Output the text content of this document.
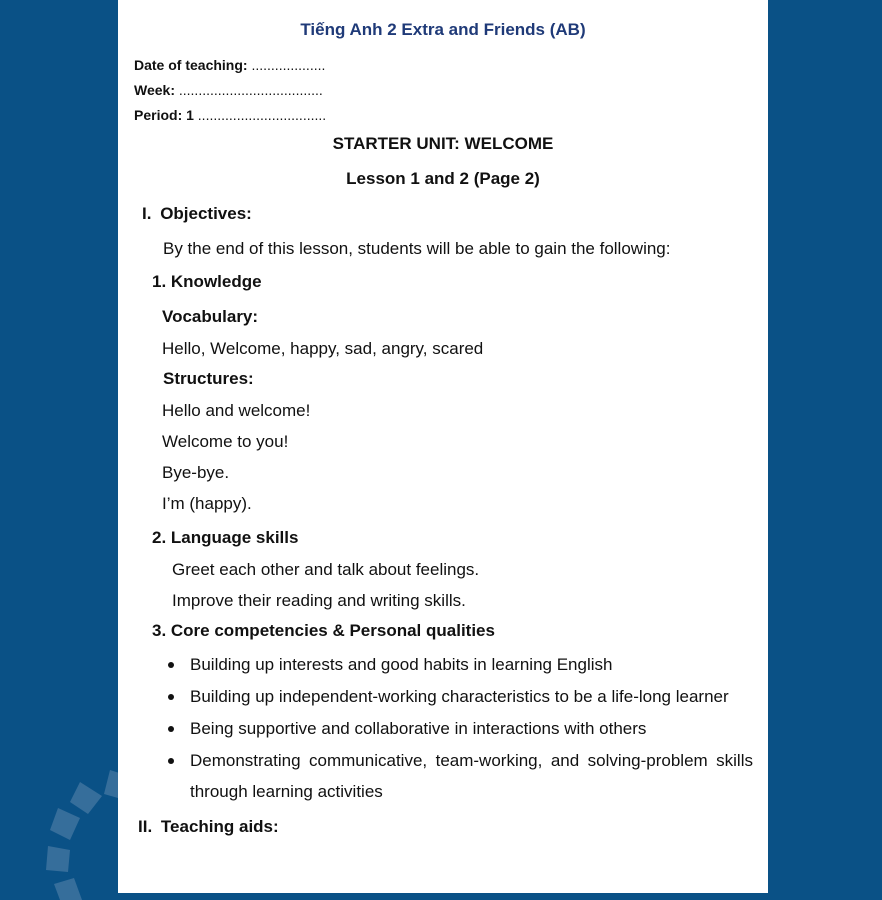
Tiếng Anh 2 Extra and Friends (AB)
Date of teaching: ...................
Week: .....................................
Period: 1 .................................
STARTER UNIT: WELCOME
Lesson 1 and 2 (Page 2)
I. Objectives:
By the end of this lesson, students will be able to gain the following:
1. Knowledge
Vocabulary:
Hello, Welcome, happy, sad, angry, scared
Structures:
Hello and welcome!
Welcome to you!
Bye-bye.
I’m (happy).
2. Language skills
Greet each other and talk about feelings.
Improve their reading and writing skills.
3. Core competencies & Personal qualities
Building up interests and good habits in learning English
Building up independent-working characteristics to be a life-long learner
Being supportive and collaborative in interactions with others
Demonstrating communicative, team-working, and solving-problem skills
through learning activities
II. Teaching aids:
